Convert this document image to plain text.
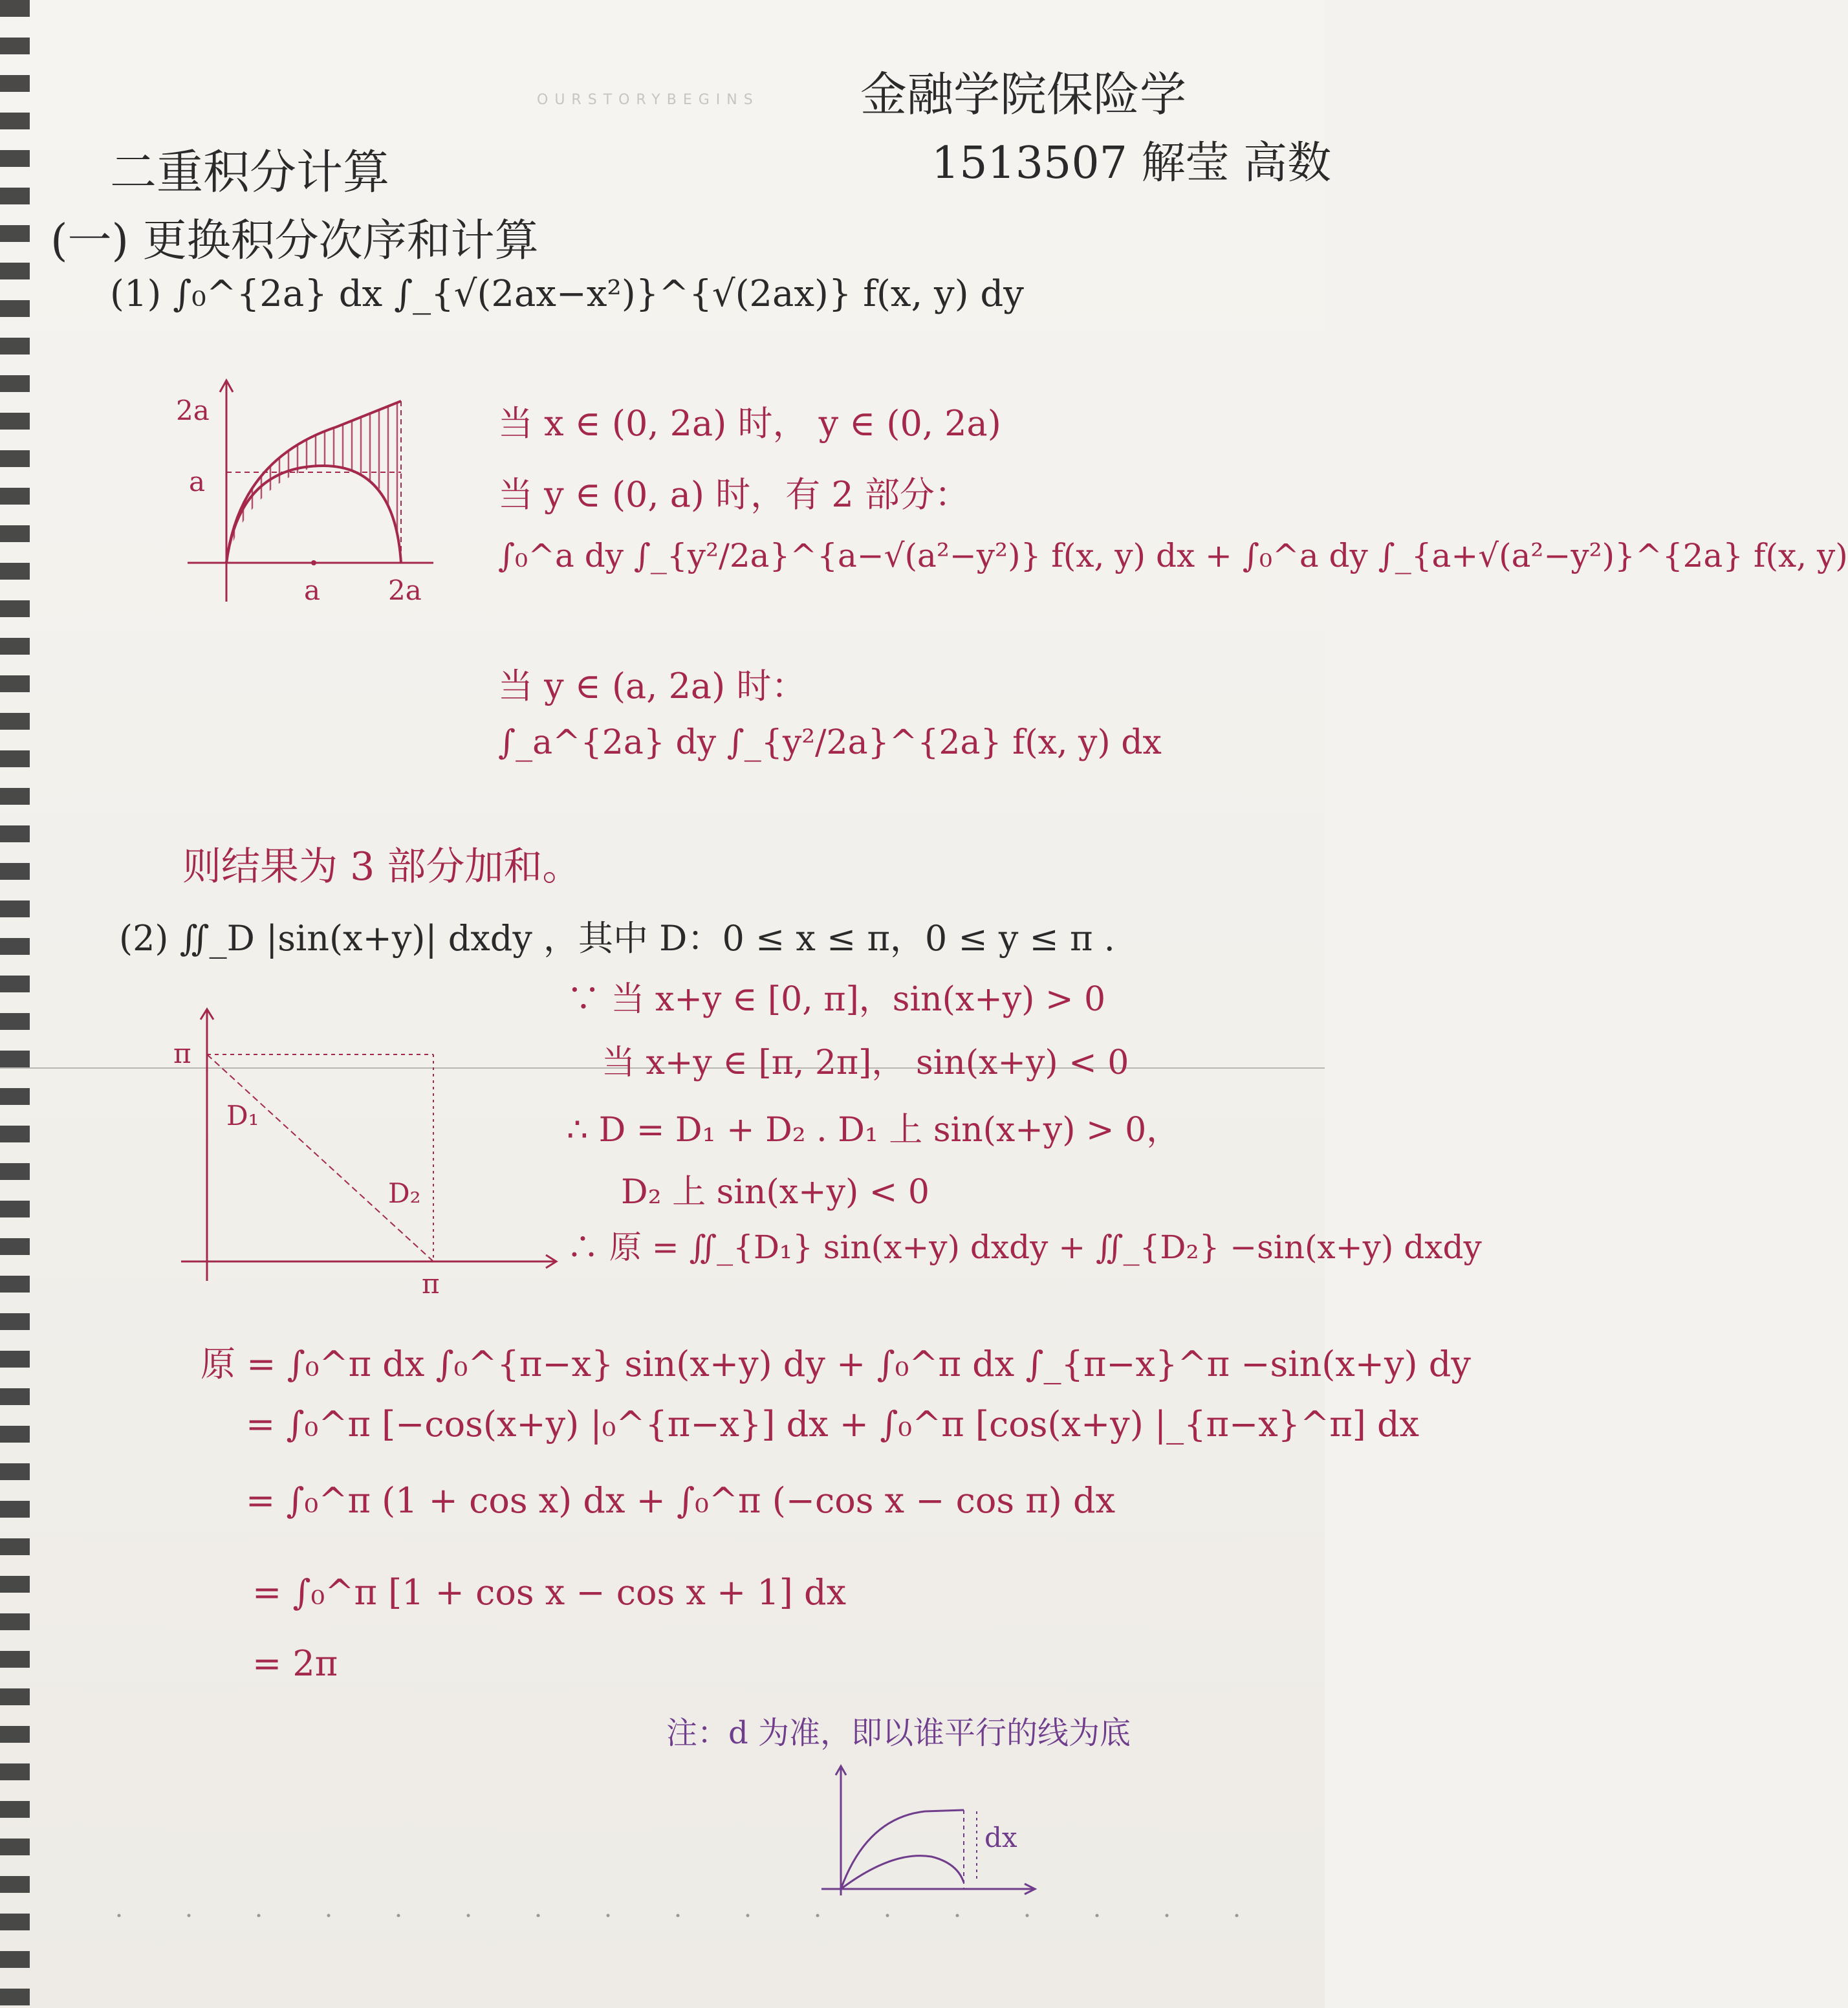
OURSTORYBEGINS 金融学院保险学
1513507 解莹 高数
二重积分计算
(一) 更换积分次序和计算
(1) ∫₀^{2a} dx ∫_{√(2ax−x²)}^{√(2ax)} f(x, y) dy
2a
a
a 2a
当 x ∈ (0, 2a) 时， y ∈ (0, 2a)
当 y ∈ (0, a) 时，有 2 部分：
∫₀^a dy ∫_{y²/2a}^{a−√(a²−y²)} f(x, y) dx + ∫₀^a dy ∫_{a+√(a²−y²)}^{2a} f(x, y)
当 y ∈ (a, 2a) 时：
∫_a^{2a} dy ∫_{y²/2a}^{2a} f(x, y) dx
则结果为 3 部分加和。
(2) ∬_D |sin(x+y)| dxdy ，其中 D：0 ≤ x ≤ π，0 ≤ y ≤ π .
π
π
D₁
D₂
∵ 当 x+y ∈ [0, π]，sin(x+y) > 0
当 x+y ∈ [π, 2π]， sin(x+y) < 0
∴ D = D₁ + D₂ . D₁ 上 sin(x+y) > 0，
D₂ 上 sin(x+y) < 0
∴ 原 = ∬_{D₁} sin(x+y) dxdy + ∬_{D₂} −sin(x+y) dxdy
原 = ∫₀^π dx ∫₀^{π−x} sin(x+y) dy + ∫₀^π dx ∫_{π−x}^π −sin(x+y) dy
= ∫₀^π [−cos(x+y) |₀^{π−x}] dx + ∫₀^π [cos(x+y) |_{π−x}^π] dx
= ∫₀^π (1 + cos x) dx + ∫₀^π (−cos x − cos π) dx
= ∫₀^π [1 + cos x − cos x + 1] dx
= 2π
注：d 为准，即以谁平行的线为底
dx
